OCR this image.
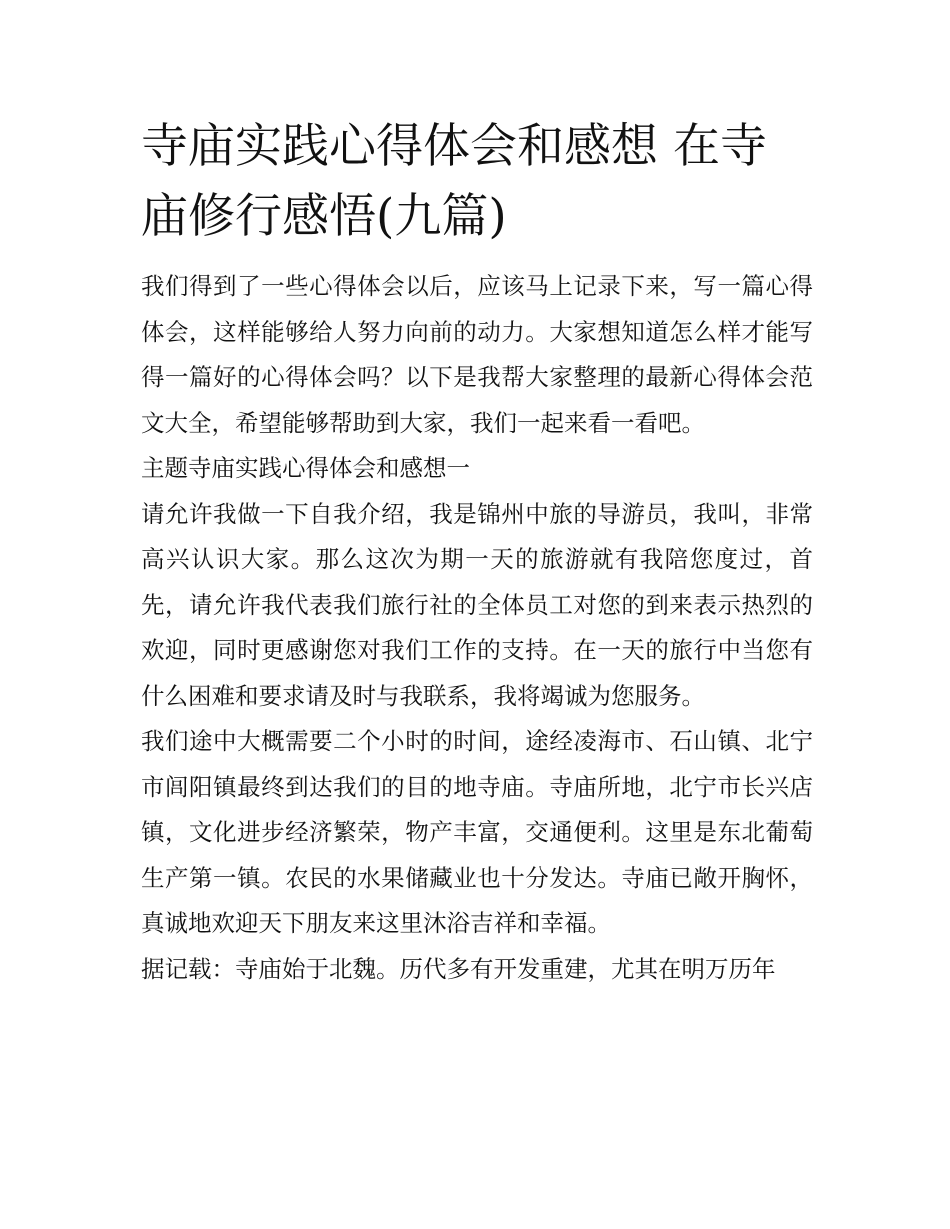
寺庙实践心得体会和感想 在寺庙修行感悟(九篇)

我们得到了一些心得体会以后，应该马上记录下来，写一篇心得体会，这样能够给人努力向前的动力。大家想知道怎么样才能写得一篇好的心得体会吗？以下是我帮大家整理的最新心得体会范文大全，希望能够帮助到大家，我们一起来看一看吧。

主题寺庙实践心得体会和感想一

请允许我做一下自我介绍，我是锦州中旅的导游员，我叫，非常高兴认识大家。那么这次为期一天的旅游就有我陪您度过，首先，请允许我代表我们旅行社的全体员工对您的到来表示热烈的欢迎，同时更感谢您对我们工作的支持。在一天的旅行中当您有什么困难和要求请及时与我联系，我将竭诚为您服务。

我们途中大概需要二个小时的时间，途经凌海市、石山镇、北宁市闾阳镇最终到达我们的目的地寺庙。寺庙所地，北宁市长兴店镇，文化进步经济繁荣，物产丰富，交通便利。这里是东北葡萄生产第一镇。农民的水果储藏业也十分发达。寺庙已敞开胸怀，真诚地欢迎天下朋友来这里沐浴吉祥和幸福。

据记载：寺庙始于北魏。历代多有开发重建，尤其在明万历年
